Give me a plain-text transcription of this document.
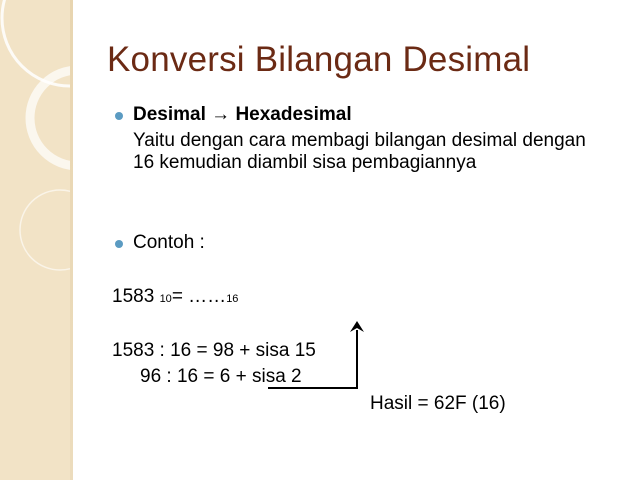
Konversi Bilangan Desimal
Desimal → Hexadesimal
Yaitu dengan cara membagi bilangan desimal dengan
16 kemudian diambil sisa pembagiannya
Contoh :
1583 10= ……16
1583 : 16 = 98 + sisa 15
96 : 16 = 6 + sisa 2
Hasil = 62F (16)
